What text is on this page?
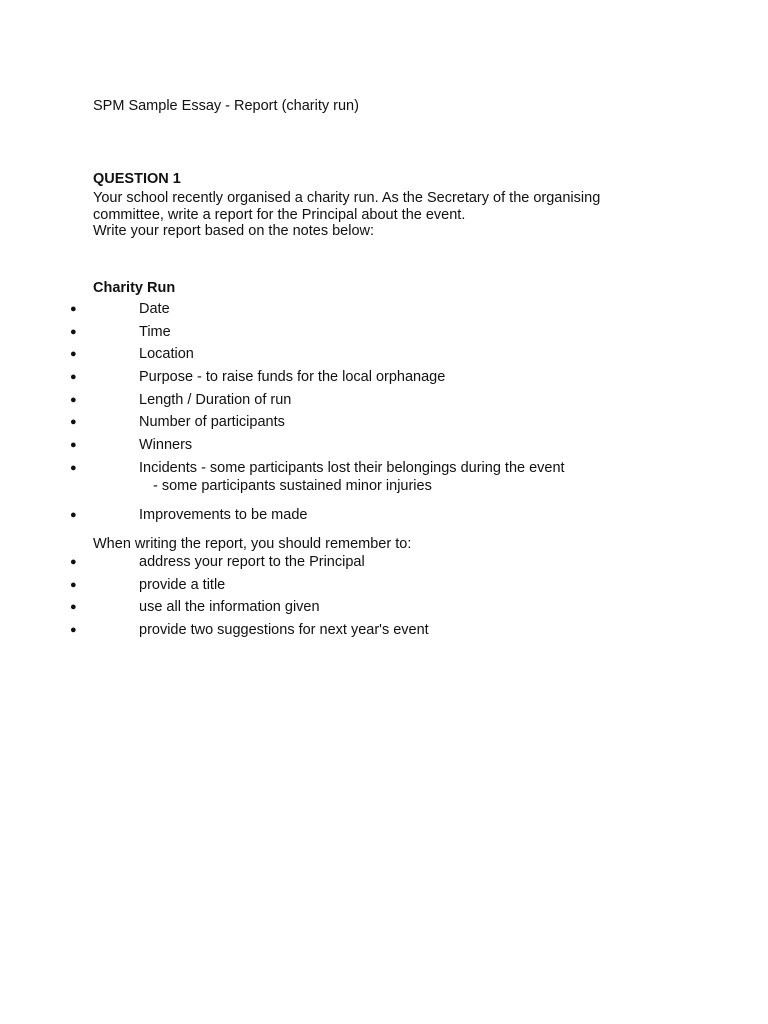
SPM Sample Essay - Report (charity run)
QUESTION 1

Your school recently organised a charity run. As the Secretary of the organising
committee, write a report for the Principal about the event.
Write your report based on the notes below:

Charity Run
●	Date
●	Time
●	Location
●	Purpose - to raise funds for the local orphanage
●	Length / Duration of run
●	Number of participants
●	Winners
●	Incidents - some participants lost their belongings during the event
- some participants sustained minor injuries
●	Improvements to be made

When writing the report, you should remember to:

●	address your report to the Principal
●	provide a title
●	use all the information given
●	provide two suggestions for next year's event
